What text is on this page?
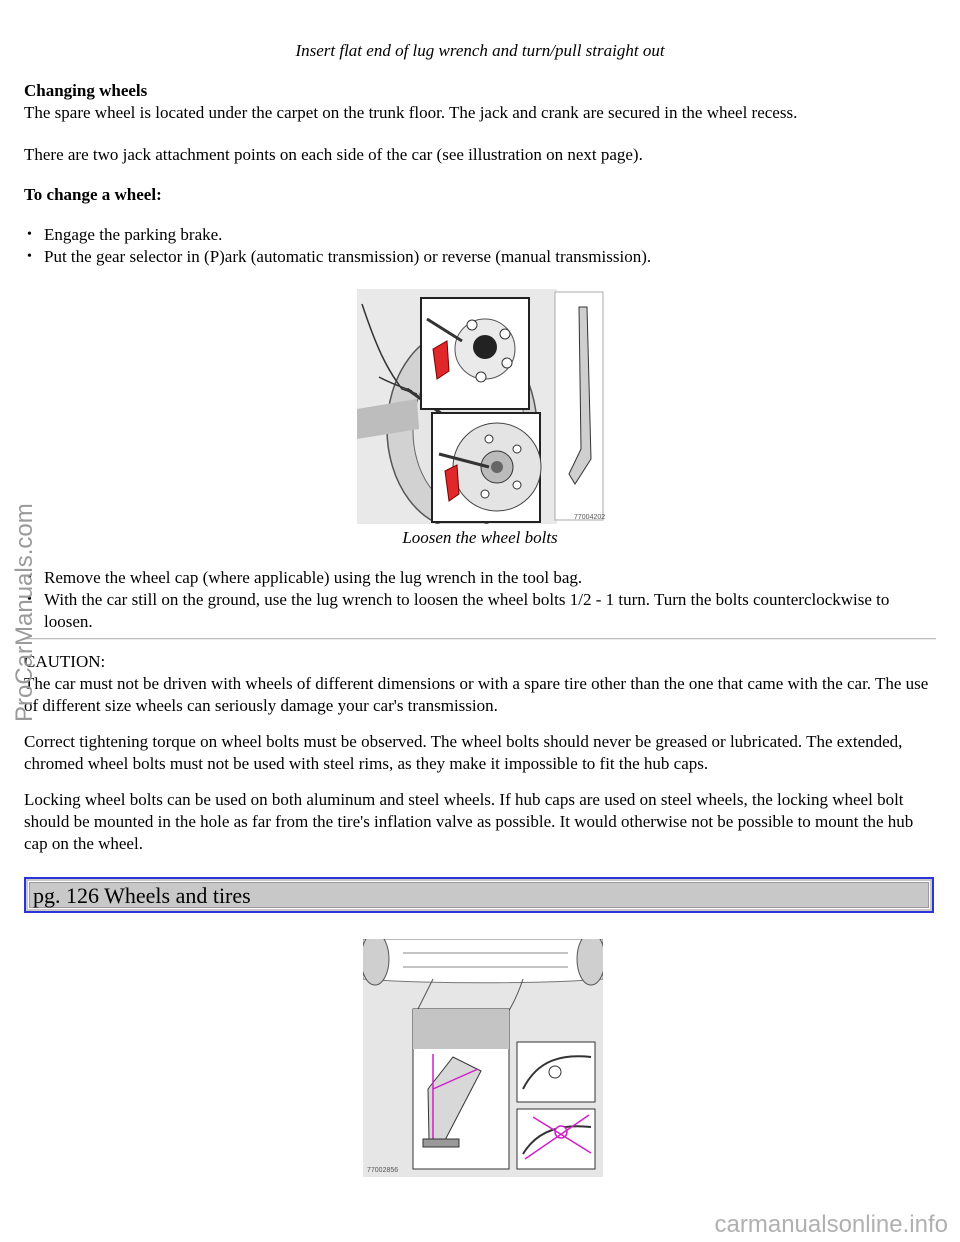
Insert flat end of lug wrench and turn/pull straight out

Changing wheels

The spare wheel is located under the carpet on the trunk floor. The jack and crank are secured in the wheel recess.

There are two jack attachment points on each side of the car (see illustration on next page).

To change a wheel:

• Engage the parking brake.
• Put the gear selector in (P)ark (automatic transmission) or reverse (manual transmission).
77004202
Loosen the wheel bolts
• Remove the wheel cap (where applicable) using the lug wrench in the tool bag.
• With the car still on the ground, use the lug wrench to loosen the wheel bolts 1/2 - 1 turn. Turn the bolts counterclockwise to loosen.

CAUTION:

The car must not be driven with wheels of different dimensions or with a spare tire other than the one that came with the car. The use of different size wheels can seriously damage your car's transmission.

Correct tightening torque on wheel bolts must be observed. The wheel bolts should never be greased or lubricated. The extended, chromed wheel bolts must not be used with steel rims, as they make it impossible to fit the hub caps.

Locking wheel bolts can be used on both aluminum and steel wheels. If hub caps are used on steel wheels, the locking wheel bolt should be mounted in the hole as far from the tire's inflation valve as possible. It would otherwise not be possible to mount the hub cap on the wheel.

pg. 126 Wheels and tires
77002856
ProCarManuals.com
carmanualsonline.info
